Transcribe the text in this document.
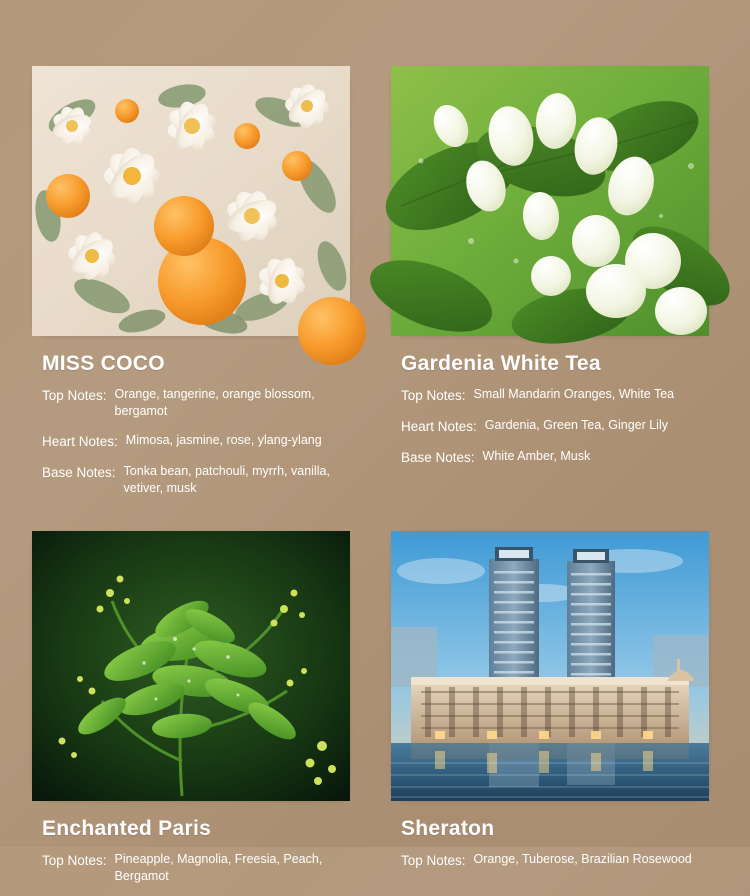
MISS COCO
Top Notes: Orange, tangerine, orange blossom, bergamot
Heart Notes: Mimosa, jasmine, rose, ylang-ylang
Base Notes: Tonka bean, patchouli, myrrh, vanilla, vetiver, musk
Gardenia White Tea
Top Notes: Small Mandarin Oranges, White Tea
Heart Notes: Gardenia, Green Tea, Ginger Lily
Base Notes: White Amber, Musk
Enchanted Paris
Top Notes: Pineapple, Magnolia, Freesia, Peach, Bergamot
Sheraton
Top Notes: Orange, Tuberose, Brazilian Rosewood
